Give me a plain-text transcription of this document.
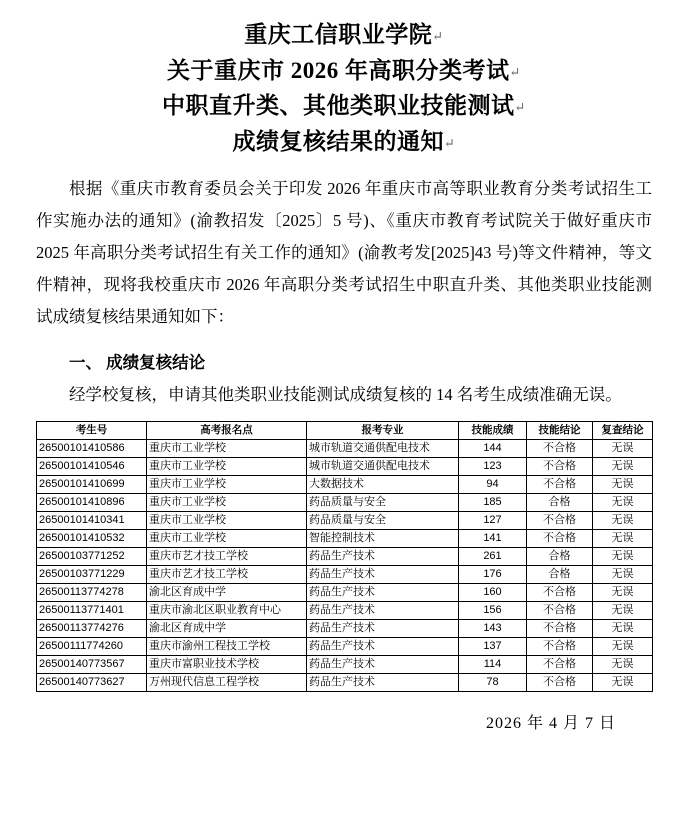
重庆工信职业学院↵
关于重庆市 2026 年高职分类考试↵
中职直升类、其他类职业技能测试↵
成绩复核结果的通知↵

根据《重庆市教育委员会关于印发 2026 年重庆市高等职业教育分类考试招生工作实施办法的通知》(渝教招发〔2025〕5 号)、《重庆市教育考试院关于做好重庆市 2025 年高职分类考试招生有关工作的通知》(渝教考发[2025]43 号)等文件精神，等文件精神，现将我校重庆市 2026 年高职分类考试招生中职直升类、其他类职业技能测试成绩复核结果通知如下：

一、 成绩复核结论

经学校复核，申请其他类职业技能测试成绩复核的 14 名考生成绩准确无误。

考生号	高考报名点	报考专业	技能成绩	技能结论	复查结论
26500101410586	重庆市工业学校	城市轨道交通供配电技术	144	不合格	无误
26500101410546	重庆市工业学校	城市轨道交通供配电技术	123	不合格	无误
26500101410699	重庆市工业学校	大数据技术	94	不合格	无误
26500101410896	重庆市工业学校	药品质量与安全	185	合格	无误
26500101410341	重庆市工业学校	药品质量与安全	127	不合格	无误
26500101410532	重庆市工业学校	智能控制技术	141	不合格	无误
26500103771252	重庆市艺才技工学校	药品生产技术	261	合格	无误
26500103771229	重庆市艺才技工学校	药品生产技术	176	合格	无误
26500113774278	渝北区育成中学	药品生产技术	160	不合格	无误
26500113771401	重庆市渝北区职业教育中心	药品生产技术	156	不合格	无误
26500113774276	渝北区育成中学	药品生产技术	143	不合格	无误
26500111774260	重庆市渝州工程技工学校	药品生产技术	137	不合格	无误
26500140773567	重庆市富职业技术学校	药品生产技术	114	不合格	无误
26500140773627	万州现代信息工程学校	药品生产技术	78	不合格	无误
2026 年 4 月 7 日
